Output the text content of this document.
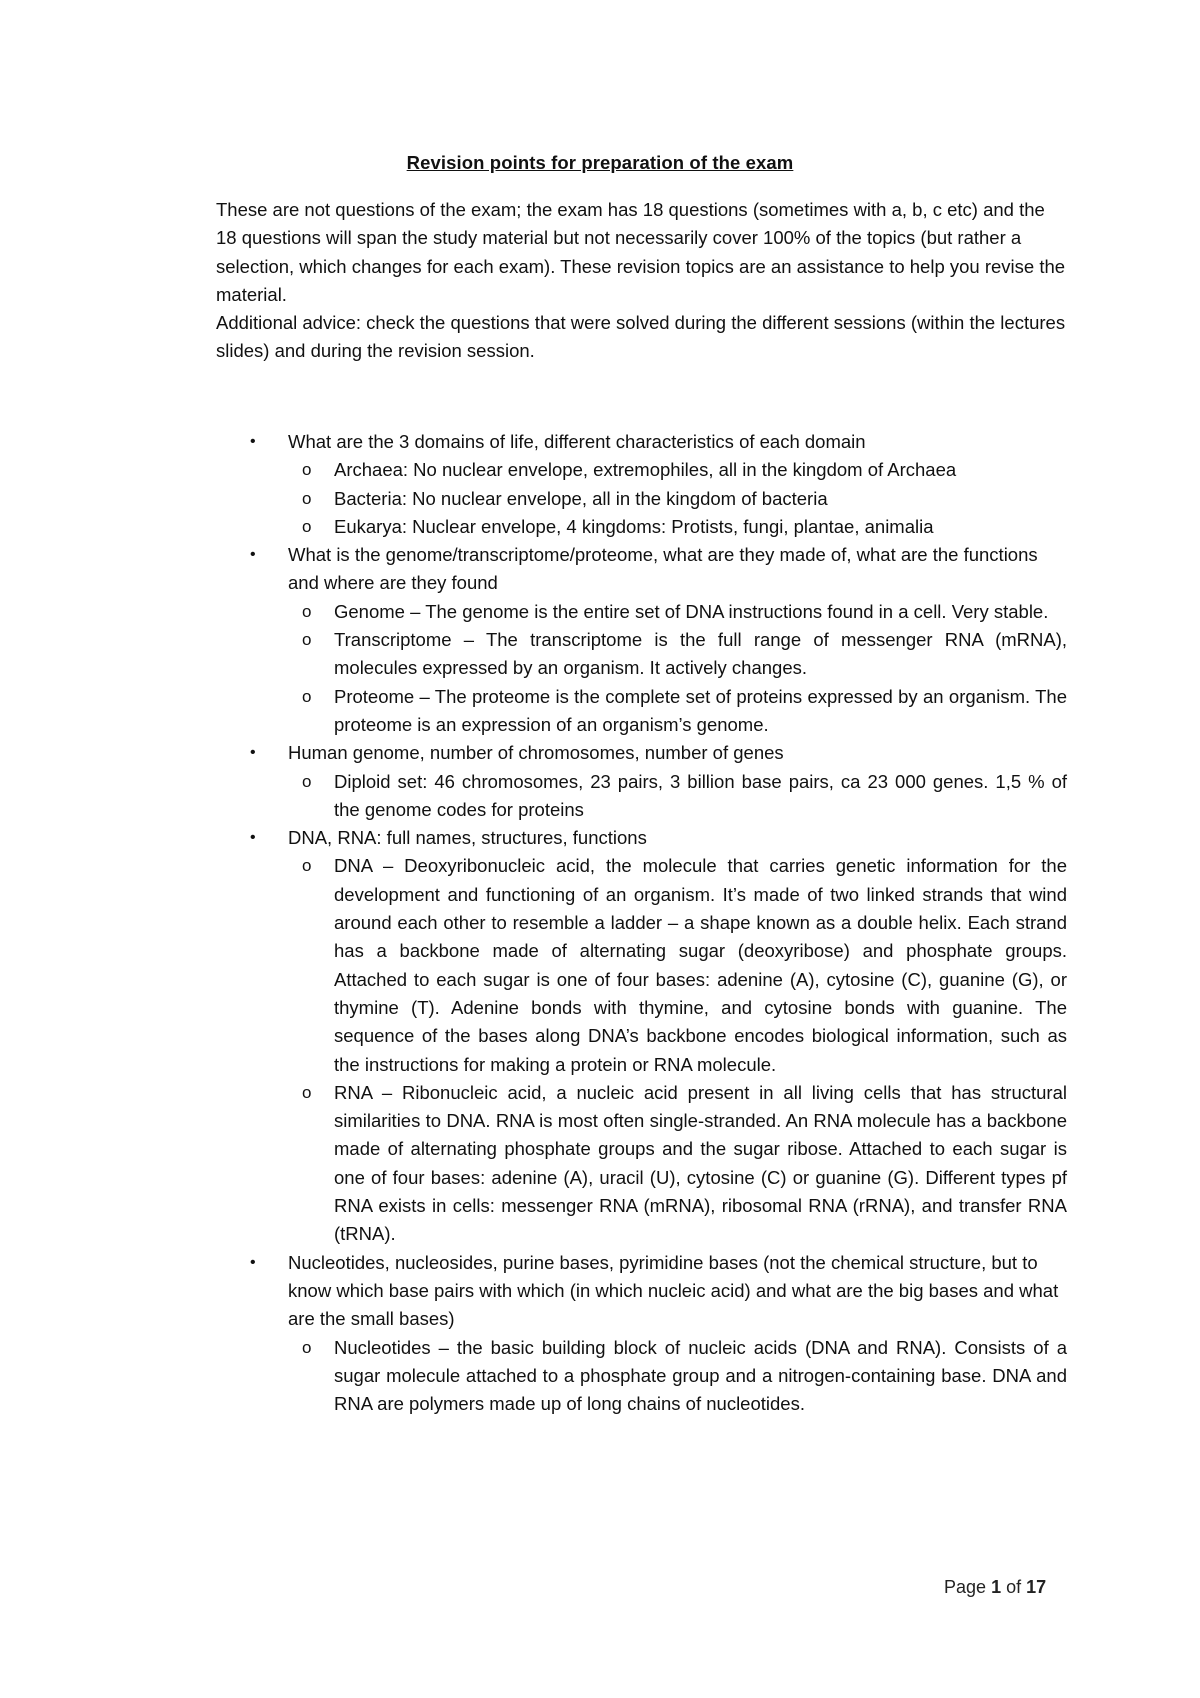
Revision points for preparation of the exam

These are not questions of the exam; the exam has 18 questions (sometimes with a, b, c etc) and the 18 questions will span the study material but not necessarily cover 100% of the topics (but rather a selection, which changes for each exam). These revision topics are an assistance to help you revise the material.

Additional advice: check the questions that were solved during the different sessions (within the lectures slides) and during the revision session.

• What are the 3 domains of life, different characteristics of each domain
o Archaea: No nuclear envelope, extremophiles, all in the kingdom of Archaea
o Bacteria: No nuclear envelope, all in the kingdom of bacteria
o Eukarya: Nuclear envelope, 4 kingdoms: Protists, fungi, plantae, animalia
• What is the genome/transcriptome/proteome, what are they made of, what are the functions and where are they found
o Genome – The genome is the entire set of DNA instructions found in a cell. Very stable.
o Transcriptome – The transcriptome is the full range of messenger RNA (mRNA), molecules expressed by an organism. It actively changes.
o Proteome – The proteome is the complete set of proteins expressed by an organism. The proteome is an expression of an organism’s genome.
• Human genome, number of chromosomes, number of genes
o Diploid set: 46 chromosomes, 23 pairs, 3 billion base pairs, ca 23 000 genes. 1,5 % of the genome codes for proteins
• DNA, RNA: full names, structures, functions
o DNA – Deoxyribonucleic acid, the molecule that carries genetic information for the development and functioning of an organism. It’s made of two linked strands that wind around each other to resemble a ladder – a shape known as a double helix. Each strand has a backbone made of alternating sugar (deoxyribose) and phosphate groups. Attached to each sugar is one of four bases: adenine (A), cytosine (C), guanine (G), or thymine (T). Adenine bonds with thymine, and cytosine bonds with guanine. The sequence of the bases along DNA’s backbone encodes biological information, such as the instructions for making a protein or RNA molecule.
o RNA – Ribonucleic acid, a nucleic acid present in all living cells that has structural similarities to DNA. RNA is most often single-stranded. An RNA molecule has a backbone made of alternating phosphate groups and the sugar ribose. Attached to each sugar is one of four bases: adenine (A), uracil (U), cytosine (C) or guanine (G). Different types pf RNA exists in cells: messenger RNA (mRNA), ribosomal RNA (rRNA), and transfer RNA (tRNA).
• Nucleotides, nucleosides, purine bases, pyrimidine bases (not the chemical structure, but to know which base pairs with which (in which nucleic acid) and what are the big bases and what are the small bases)
o Nucleotides – the basic building block of nucleic acids (DNA and RNA). Consists of a sugar molecule attached to a phosphate group and a nitrogen-containing base. DNA and RNA are polymers made up of long chains of nucleotides.
Page 1 of 17
